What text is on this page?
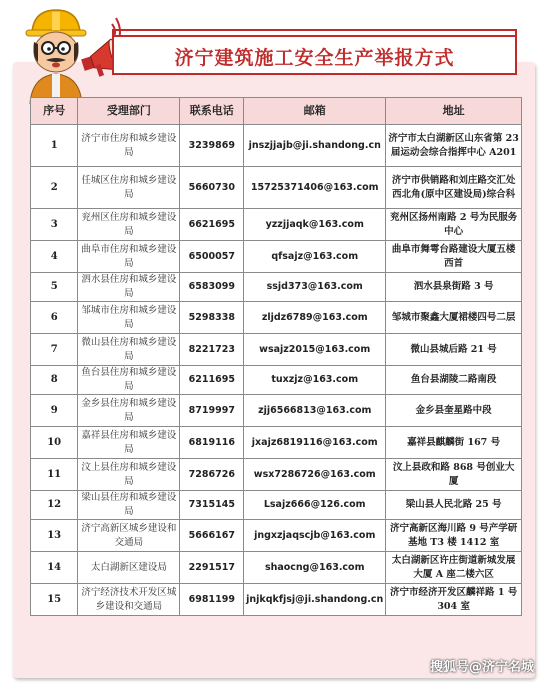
济宁建筑施工安全生产举报方式
序号	受理部门	联系电话	邮箱	地址
1	济宁市住房和城乡建设局	3239869	jnszjjajb@ji.shandong.cn	济宁市太白湖新区山东省第 23 届运动会综合指挥中心 A201
2	任城区住房和城乡建设局	5660730	15725371406@163.com	济宁市供销路和刘庄路交汇处西北角(原中区建设局)综合科
3	兖州区住房和城乡建设局	6621695	yzzjjaqk@163.com	兖州区扬州南路 2 号为民服务中心
4	曲阜市住房和城乡建设局	6500057	qfsajz@163.com	曲阜市舞雩台路建设大厦五楼西首
5	泗水县住房和城乡建设局	6583099	ssjd373@163.com	泗水县泉街路 3 号
6	邹城市住房和城乡建设局	5298338	zljdz6789@163.com	邹城市聚鑫大厦裙楼四号二层
7	微山县住房和城乡建设局	8221723	wsajz2015@163.com	微山县城后路 21 号
8	鱼台县住房和城乡建设局	6211695	tuxzjz@163.com	鱼台县湖陵二路南段
9	金乡县住房和城乡建设局	8719997	zjj6566813@163.com	金乡县奎星路中段
10	嘉祥县住房和城乡建设局	6819116	jxajz6819116@163.com	嘉祥县麒麟街 167 号
11	汶上县住房和城乡建设局	7286726	wsx7286726@163.com	汶上县政和路 868 号创业大厦
12	梁山县住房和城乡建设局	7315145	Lsajz666@126.com	梁山县人民北路 25 号
13	济宁高新区城乡建设和交通局	5666167	jngxzjaqscjb@163.com	济宁高新区海川路 9 号产学研基地 T3 楼 1412 室
14	太白湖新区建设局	2291517	shaocng@163.com	太白湖新区许庄街道新城发展大厦 A 座二楼六区
15	济宁经济技术开发区城乡建设和交通局	6981199	jnjkqkfjsj@ji.shandong.cn	济宁市经济开发区麟祥路 1 号 304 室
搜狐号@济宁名城
